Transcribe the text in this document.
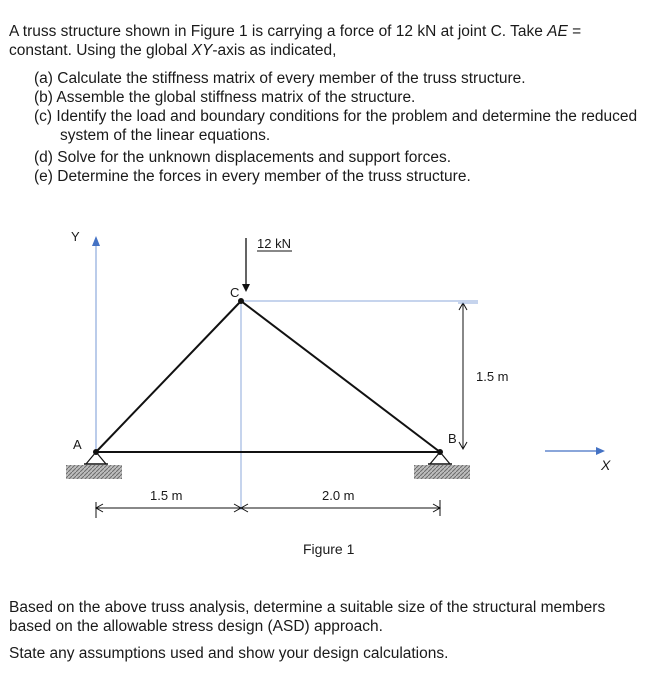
A truss structure shown in Figure 1 is carrying a force of 12 kN at joint C. Take AE =
constant. Using the global XY-axis as indicated,
(a) Calculate the stiffness matrix of every member of the truss structure.
(b) Assemble the global stiffness matrix of the structure.
(c) Identify the load and boundary conditions for the problem and determine the reduced
system of the linear equations.
(d) Solve for the unknown displacements and support forces.
(e) Determine the forces in every member of the truss structure.
Y
X
12 kN
C
A	B
1.5 m
1.5 m	2.0 m
Figure 1
Based on the above truss analysis, determine a suitable size of the structural members
based on the allowable stress design (ASD) approach.
State any assumptions used and show your design calculations.
